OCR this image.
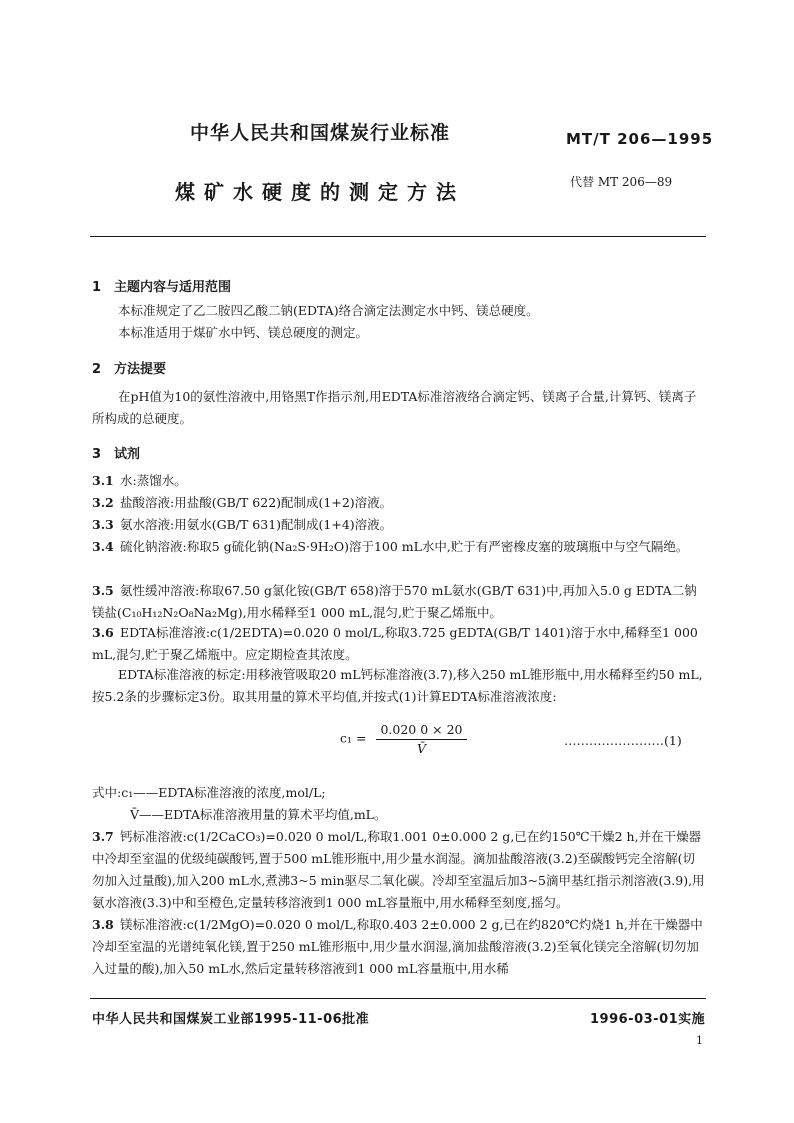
中华人民共和国煤炭行业标准	MT/T 206—1995
煤矿水硬度的测定方法	代替 MT 206—89
1 主题内容与适用范围
本标准规定了乙二胺四乙酸二钠(EDTA)络合滴定法测定水中钙、镁总硬度。
本标准适用于煤矿水中钙、镁总硬度的测定。
2 方法提要
在pH值为10的氨性溶液中,用铬黑T作指示剂,用EDTA标准溶液络合滴定钙、镁离子合量,计算钙、镁离子所构成的总硬度。
3 试剂
3.1 水:蒸馏水。
3.2 盐酸溶液:用盐酸(GB/T 622)配制成(1+2)溶液。
3.3 氨水溶液:用氨水(GB/T 631)配制成(1+4)溶液。
3.4 硫化钠溶液:称取5 g硫化钠(Na₂S·9H₂O)溶于100 mL水中,贮于有严密橡皮塞的玻璃瓶中与空气隔绝。
3.5 氨性缓冲溶液:称取67.50 g氯化铵(GB/T 658)溶于570 mL氨水(GB/T 631)中,再加入5.0 g EDTA二钠镁盐(C₁₀H₁₂N₂O₈Na₂Mg),用水稀释至1 000 mL,混匀,贮于聚乙烯瓶中。
3.6 EDTA标准溶液:c(1/2EDTA)=0.020 0 mol/L,称取3.725 gEDTA(GB/T 1401)溶于水中,稀释至1 000 mL,混匀,贮于聚乙烯瓶中。应定期检查其浓度。
EDTA标准溶液的标定:用移液管吸取20 mL钙标准溶液(3.7),移入250 mL锥形瓶中,用水稀释至约50 mL,按5.2条的步骤标定3份。取其用量的算术平均值,并按式(1)计算EDTA标准溶液浓度:
$c_1 = \frac{0.020 0 \times 20}{V̄}$	……………………(1)
式中:c₁——EDTA标准溶液的浓度,mol/L;
V̄——EDTA标准溶液用量的算术平均值,mL。
3.7 钙标准溶液:c(1/2CaCO₃)=0.020 0 mol/L,称取1.001 0±0.000 2 g,已在约150℃干燥2 h,并在干燥器中冷却至室温的优级纯碳酸钙,置于500 mL锥形瓶中,用少量水润湿。滴加盐酸溶液(3.2)至碳酸钙完全溶解(切勿加入过量酸),加入200 mL水,煮沸3~5 min驱尽二氧化碳。冷却至室温后加3~5滴甲基红指示剂溶液(3.9),用氨水溶液(3.3)中和至橙色,定量转移溶液到1 000 mL容量瓶中,用水稀释至刻度,摇匀。
3.8 镁标准溶液:c(1/2MgO)=0.020 0 mol/L,称取0.403 2±0.000 2 g,已在约820℃灼烧1 h,并在干燥器中冷却至室温的光谱纯氧化镁,置于250 mL锥形瓶中,用少量水润湿,滴加盐酸溶液(3.2)至氧化镁完全溶解(切勿加入过量的酸),加入50 mL水,然后定量转移溶液到1 000 mL容量瓶中,用水稀
中华人民共和国煤炭工业部1995-11-06批准	1996-03-01实施
1
